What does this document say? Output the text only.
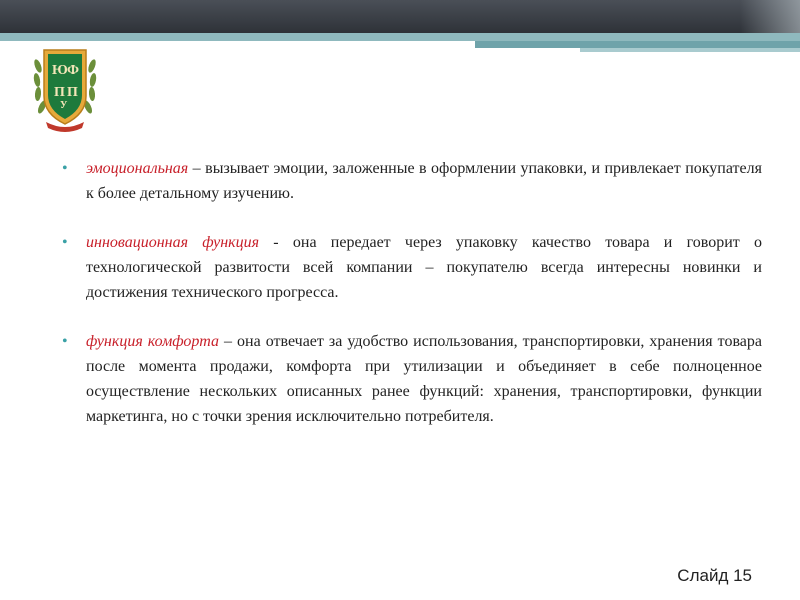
Ю Ф
П П
У
• эмоциональная – вызывает эмоции, заложенные в оформлении упаковки, и привлекает покупателя к более детальному изучению.
• инновационная функция - она передает через упаковку качество товара и говорит о технологической развитости всей компании – покупателю всегда интересны новинки и достижения технического прогресса.
• функция комфорта – она отвечает за удобство использования, транспортировки, хранения товара после момента продажи, комфорта при утилизации и объединяет в себе полноценное осуществление нескольких описанных ранее функций: хранения, транспортировки, функции маркетинга, но с точки зрения исключительно потребителя.
Слайд 15
